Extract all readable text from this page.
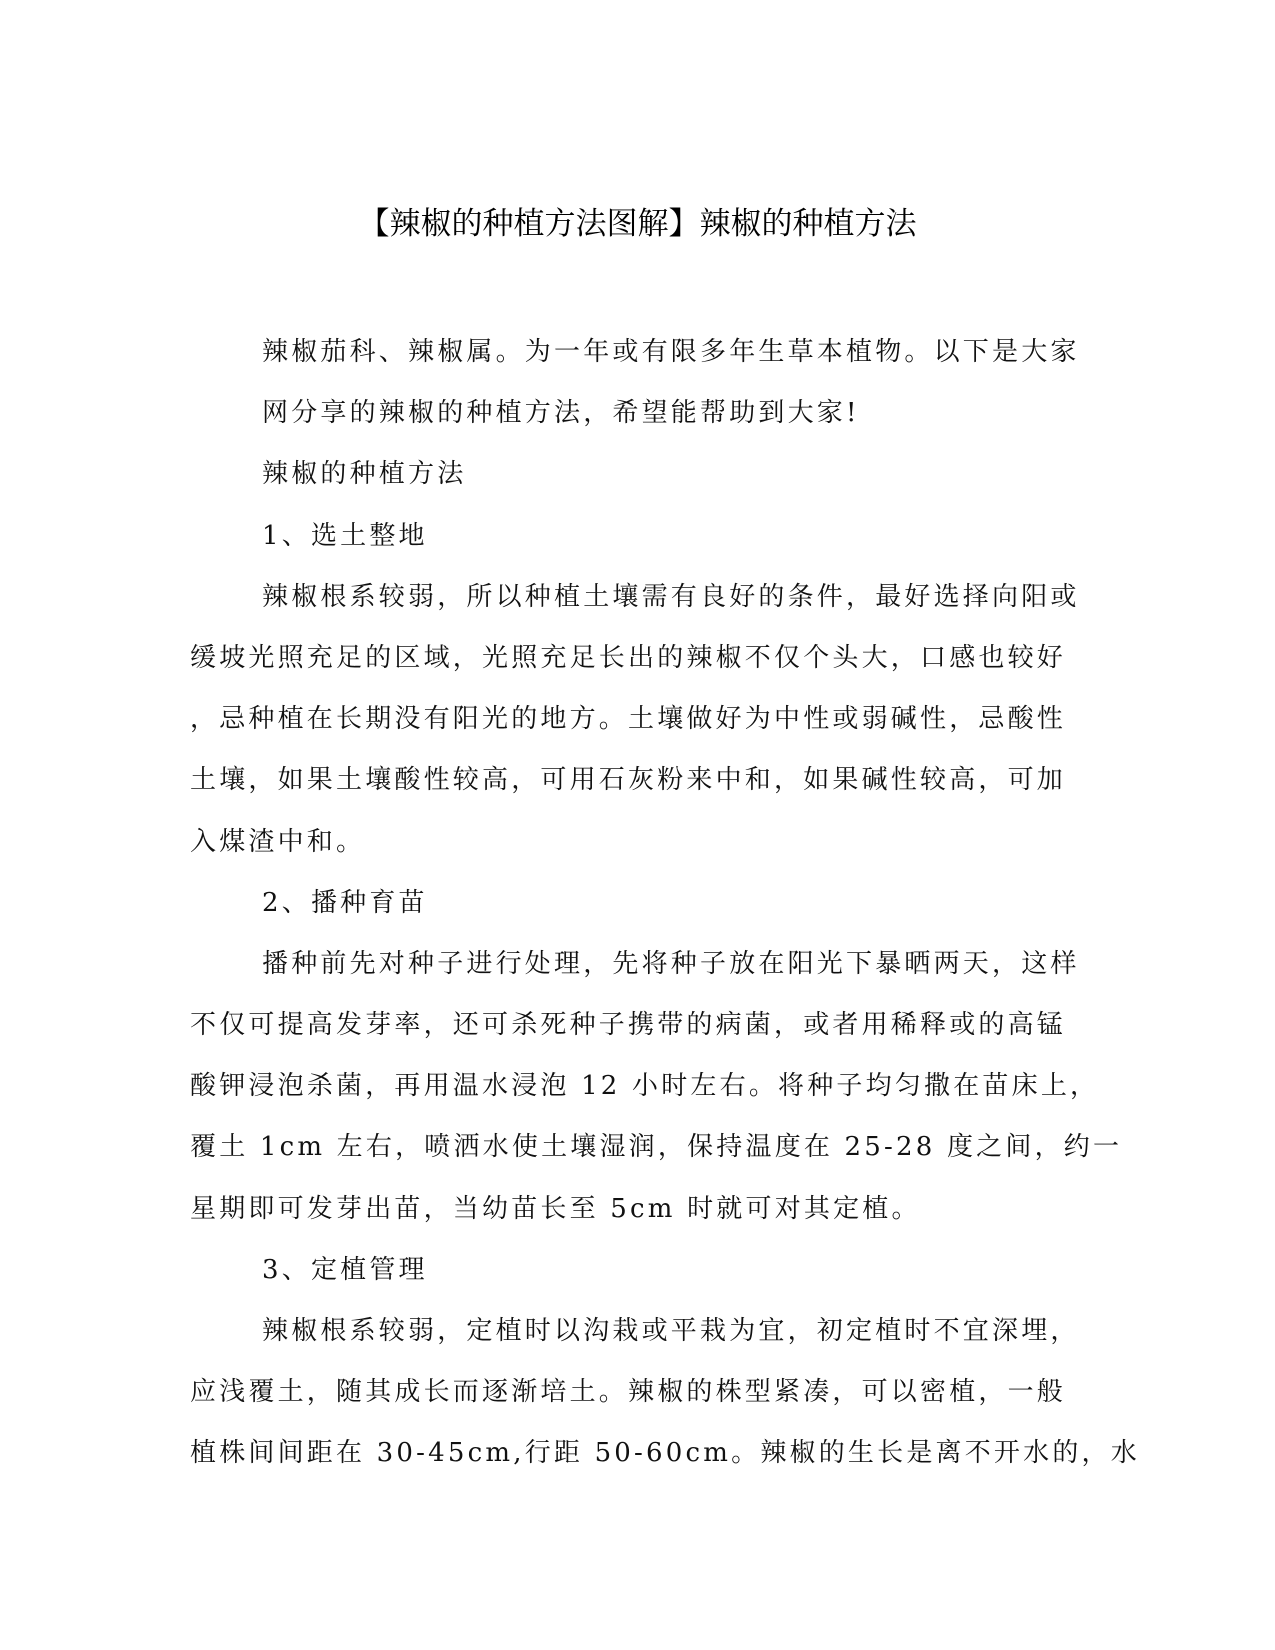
【辣椒的种植方法图解】辣椒的种植方法
辣椒茄科、辣椒属。为一年或有限多年生草本植物。以下是大家
网分享的辣椒的种植方法，希望能帮助到大家!
辣椒的种植方法
1、选土整地
辣椒根系较弱，所以种植土壤需有良好的条件，最好选择向阳或
缓坡光照充足的区域，光照充足长出的辣椒不仅个头大，口感也较好
，忌种植在长期没有阳光的地方。土壤做好为中性或弱碱性，忌酸性
土壤，如果土壤酸性较高，可用石灰粉来中和，如果碱性较高，可加
入煤渣中和。
2、播种育苗
播种前先对种子进行处理，先将种子放在阳光下暴晒两天，这样
不仅可提高发芽率，还可杀死种子携带的病菌，或者用稀释或的高锰
酸钾浸泡杀菌，再用温水浸泡 12 小时左右。将种子均匀撒在苗床上，
覆土 1cm 左右，喷洒水使土壤湿润，保持温度在 25-28 度之间，约一
星期即可发芽出苗，当幼苗长至 5cm 时就可对其定植。
3、定植管理
辣椒根系较弱，定植时以沟栽或平栽为宜，初定植时不宜深埋，
应浅覆土，随其成长而逐渐培土。辣椒的株型紧凑，可以密植，一般
植株间间距在 30-45cm,行距 50-60cm。辣椒的生长是离不开水的，水
